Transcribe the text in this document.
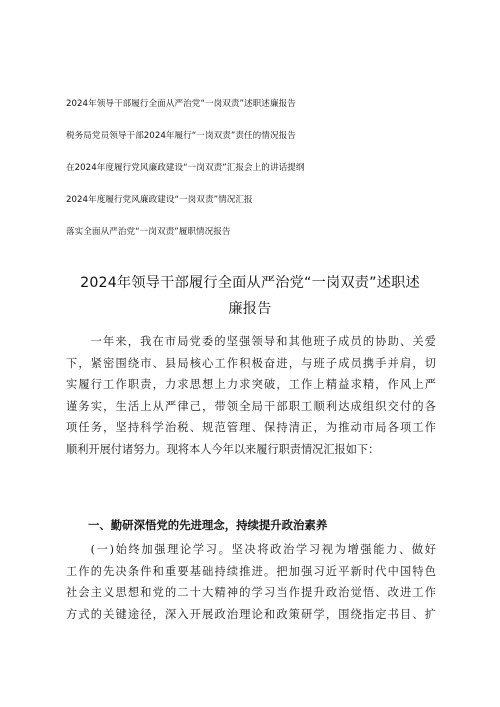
2024年领导干部履行全面从严治党“一岗双责”述职述廉报告
税务局党员领导干部2024年履行“一岗双责”责任的情况报告
在2024年度履行党风廉政建设“一岗双责”汇报会上的讲话提纲
2024年度履行党风廉政建设“一岗双责”情况汇报
落实全面从严治党“一岗双责”履职情况报告
2024年领导干部履行全面从严治党“一岗双责”述职述
廉报告
一年来，我在市局党委的坚强领导和其他班子成员的协助、关爱
下，紧密围绕市、县局核心工作积极奋进，与班子成员携手并肩，切
实履行工作职责，力求思想上力求突破，工作上精益求精，作风上严
谨务实，生活上从严律己，带领全局干部职工顺利达成组织交付的各
项任务，坚持科学治税、规范管理、保持清正，为推动市局各项工作
顺利开展付诸努力。现将本人今年以来履行职责情况汇报如下：
一、勤研深悟党的先进理念，持续提升政治素养
(一)始终加强理论学习。坚决将政治学习视为增强能力、做好
工作的先决条件和重要基础持续推进。把加强习近平新时代中国特色
社会主义思想和党的二十大精神的学习当作提升政治觉悟、改进工作
方式的关键途径，深入开展政治理论和政策研学，围绕指定书目、扩
